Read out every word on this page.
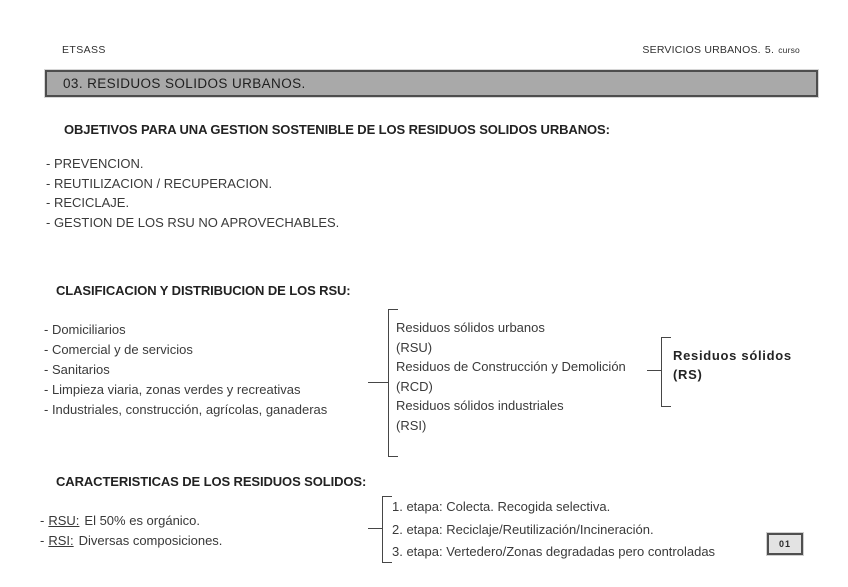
ETSASS	SERVICIOS URBANOS. 5. curso
03. RESIDUOS SOLIDOS URBANOS.
OBJETIVOS PARA UNA GESTION SOSTENIBLE DE LOS RESIDUOS SOLIDOS URBANOS:
- PREVENCION.
- REUTILIZACION / RECUPERACION.
- RECICLAJE.
- GESTION DE LOS RSU NO APROVECHABLES.
CLASIFICACION Y DISTRIBUCION DE LOS RSU:
- Domiciliarios
- Comercial y de servicios
- Sanitarios
- Limpieza viaria, zonas verdes y recreativas
- Industriales, construcción, agrícolas, ganaderas
Residuos sólidos urbanos
(RSU)
Residuos de Construcción y Demolición
(RCD)
Residuos sólidos industriales
(RSI)
Residuos sólidos
(RS)
CARACTERISTICAS DE LOS RESIDUOS SOLIDOS:
- RSU: El 50% es orgánico.
- RSI: Diversas composiciones.
1. etapa: Colecta. Recogida selectiva.
2. etapa: Reciclaje/Reutilización/Incineración.
3. etapa: Vertedero/Zonas degradadas pero controladas	01
